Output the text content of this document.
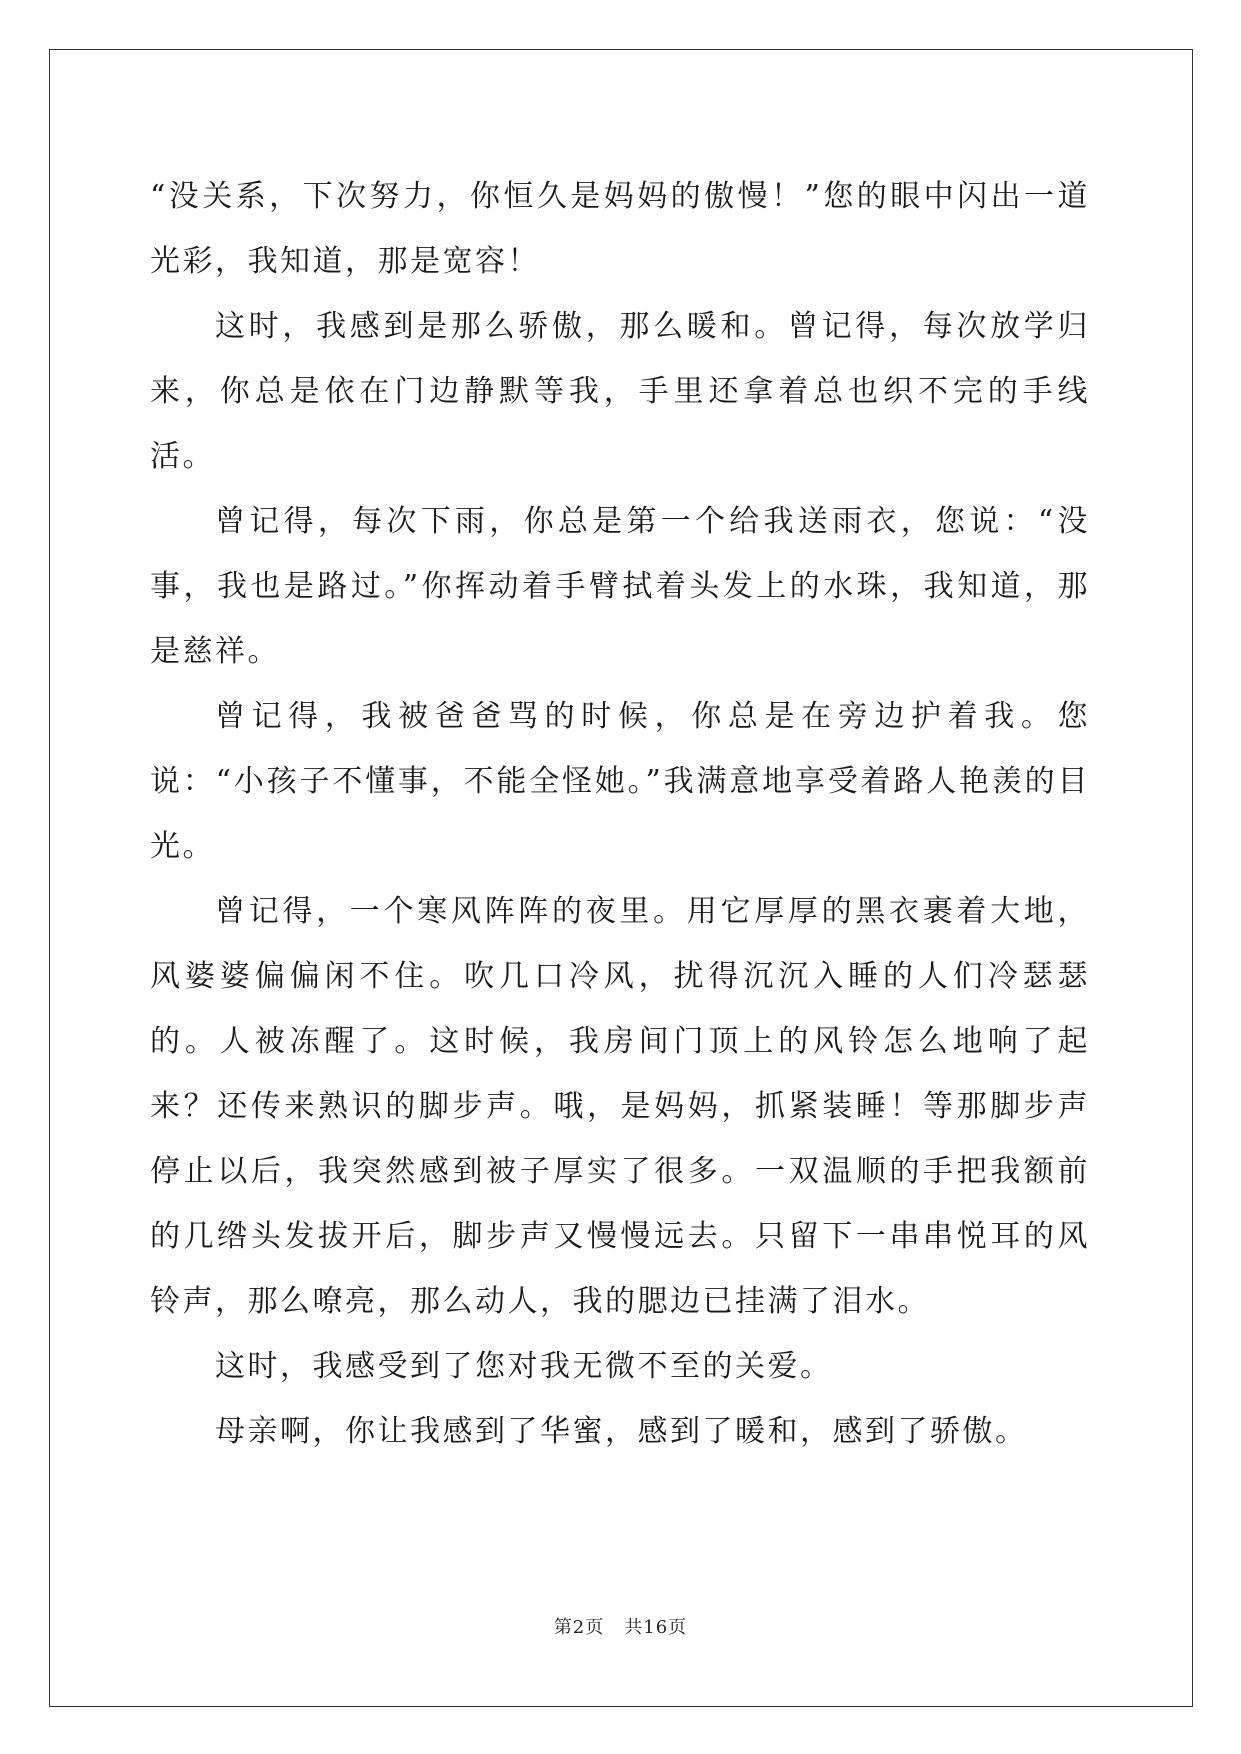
“没关系，下次努力，你恒久是妈妈的傲慢！”您的眼中闪出一道光彩，我知道，那是宽容！

这时，我感到是那么骄傲，那么暖和。曾记得，每次放学归来，你总是依在门边静默等我，手里还拿着总也织不完的手线活。

曾记得，每次下雨，你总是第一个给我送雨衣，您说：“没事，我也是路过。”你挥动着手臂拭着头发上的水珠，我知道，那是慈祥。

曾记得，我被爸爸骂的时候，你总是在旁边护着我。您说：“小孩子不懂事，不能全怪她。”我满意地享受着路人艳羡的目光。

曾记得，一个寒风阵阵的夜里。用它厚厚的黑衣裹着大地，风婆婆偏偏闲不住。吹几口冷风，扰得沉沉入睡的人们冷瑟瑟的。人被冻醒了。这时候，我房间门顶上的风铃怎么地响了起来？还传来熟识的脚步声。哦，是妈妈，抓紧装睡！等那脚步声停止以后，我突然感到被子厚实了很多。一双温顺的手把我额前的几绺头发拔开后，脚步声又慢慢远去。只留下一串串悦耳的风铃声，那么嘹亮，那么动人，我的腮边已挂满了泪水。

这时，我感受到了您对我无微不至的关爱。

母亲啊，你让我感到了华蜜，感到了暖和，感到了骄傲。

第2页 共16页
